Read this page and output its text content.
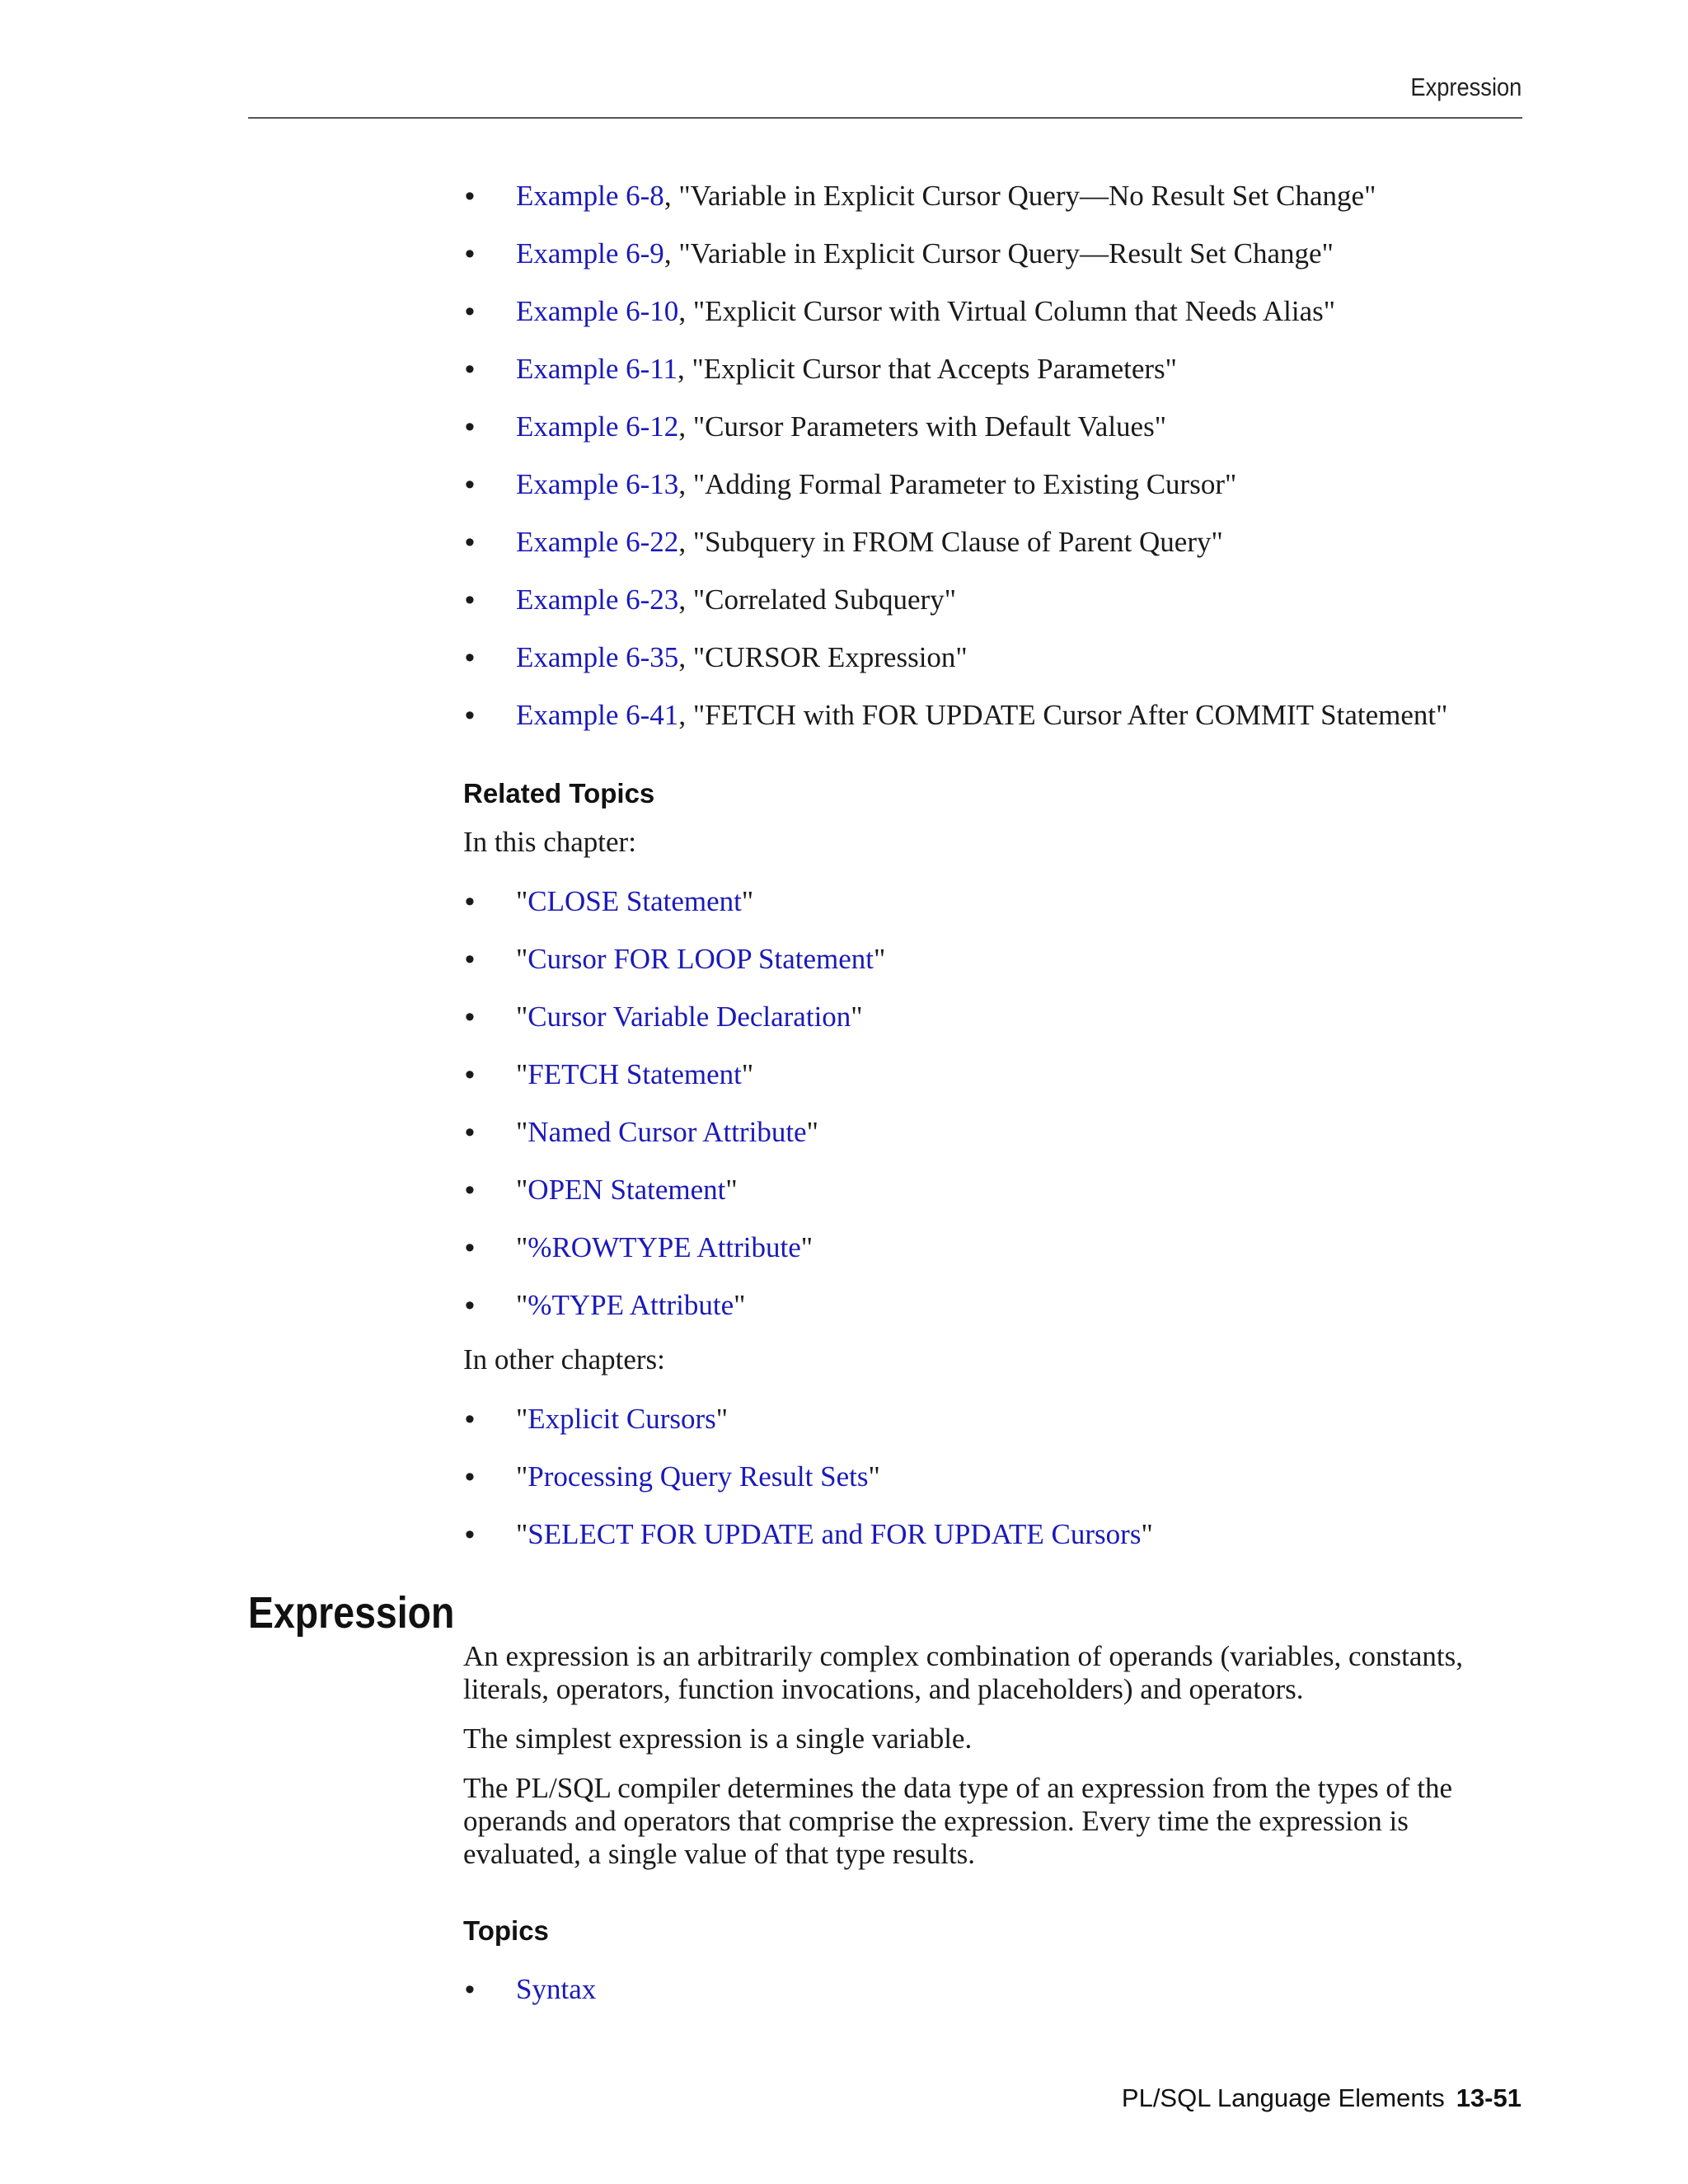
Expression
• Example 6-8, "Variable in Explicit Cursor Query—No Result Set Change"
• Example 6-9, "Variable in Explicit Cursor Query—Result Set Change"
• Example 6-10, "Explicit Cursor with Virtual Column that Needs Alias"
• Example 6-11, "Explicit Cursor that Accepts Parameters"
• Example 6-12, "Cursor Parameters with Default Values"
• Example 6-13, "Adding Formal Parameter to Existing Cursor"
• Example 6-22, "Subquery in FROM Clause of Parent Query"
• Example 6-23, "Correlated Subquery"
• Example 6-35, "CURSOR Expression"
• Example 6-41, "FETCH with FOR UPDATE Cursor After COMMIT Statement"
Related Topics
In this chapter:
• "CLOSE Statement"
• "Cursor FOR LOOP Statement"
• "Cursor Variable Declaration"
• "FETCH Statement"
• "Named Cursor Attribute"
• "OPEN Statement"
• "%ROWTYPE Attribute"
• "%TYPE Attribute"
In other chapters:
• "Explicit Cursors"
• "Processing Query Result Sets"
• "SELECT FOR UPDATE and FOR UPDATE Cursors"
An expression is an arbitrarily complex combination of operands (variables, constants, literals, operators, function invocations, and placeholders) and operators.
The simplest expression is a single variable.
The PL/SQL compiler determines the data type of an expression from the types of the operands and operators that comprise the expression. Every time the expression is evaluated, a single value of that type results.
Topics
• Syntax
Expression
PL/SQL Language Elements 13-51
